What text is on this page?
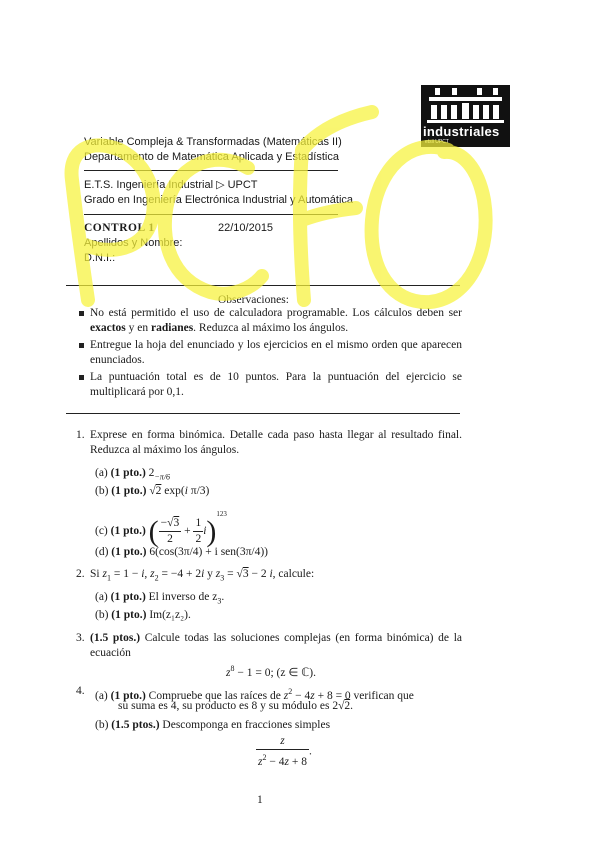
industriales
etsii UPCT
Variable Compleja & Transformadas (Matemáticas II)
Departamento de Matemática Aplicada y Estadística
E.T.S. Ingeniería Industrial ▷ UPCT
Grado en Ingeniería Electrónica Industrial y Automática
CONTROL 1	22/10/2015
Apellidos y Nombre:
D.N.I.:
Observaciones:
No está permitido el uso de calculadora programable. Los cálculos deben ser exactos y en radianes. Reduzca al máximo los ángulos.
Entregue la hoja del enunciado y los ejercicios en el mismo orden que aparecen enunciados.
La puntuación total es de 10 puntos. Para la puntuación del ejercicio se multiplicará por 0,1.
1. Exprese en forma binómica. Detalle cada paso hasta llegar al resultado final. Reduzca al máximo los ángulos.
(a) (1 pto.) $2_{-\pi/6}$
(b) (1 pto.) √2 exp(i π/3)
(c) (1 pto.) ( $\frac{-√3}{2} + \frac{1}{2} i)^{123}$
(d) (1 pto.) 6(cos(3π/4) + i sen(3π/4))
2. Si $z_1 = 1 - i$, $z_2 = -4 + 2i$ y $z_3 = √3 - 2$ i, calcule:
(a) (1 pto.) El inverso de $z_3$.
(b) (1 pto.) Im(z₁z₂).
3. (1.5 ptos.) Calcule todas las soluciones complejas (en forma binómica) de la ecuación
$z^8 - 1 = 0$; (z ∈ ℂ).
4. (a) (1 pto.) Compruebe que las raíces de $z^2 - 4z + 8 = 0$ verifican que
su suma es 4, su producto es 8 y su módulo es 2√2.
(b) (1.5 ptos.) Descomponga en fracciones simples
$\frac{z}{z^2 - 4z + 8}$ .
1
